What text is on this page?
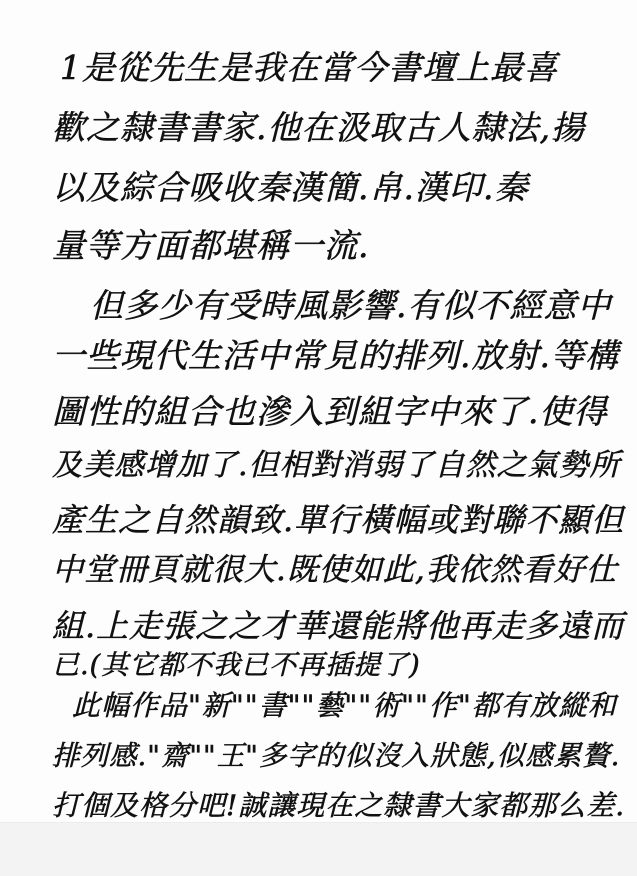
1是從先生是我在當今書壇上最喜
歡之隸書書家.他在汲取古人隸法,揚
以及綜合吸收秦漢簡.帛.漢印.秦
量等方面都堪稱一流.
但多少有受時風影響.有似不經意中
一些現代生活中常見的排列.放射.等構
圖性的組合也滲入到組字中來了.使得
及美感增加了.但相對消弱了自然之氣勢所
產生之自然韻致.單行橫幅或對聯不顯但
中堂冊頁就很大.既使如此,我依然看好仕
組.上走張之之才華還能將他再走多遠而
已.(其它都不我已不再插提了)
此幅作品"新""書""藝""術""作"都有放縱和
排列感."齋""王"多字的似沒入狀態,似感累贅.
打個及格分吧!誠讓現在之隸書大家都那么差.
